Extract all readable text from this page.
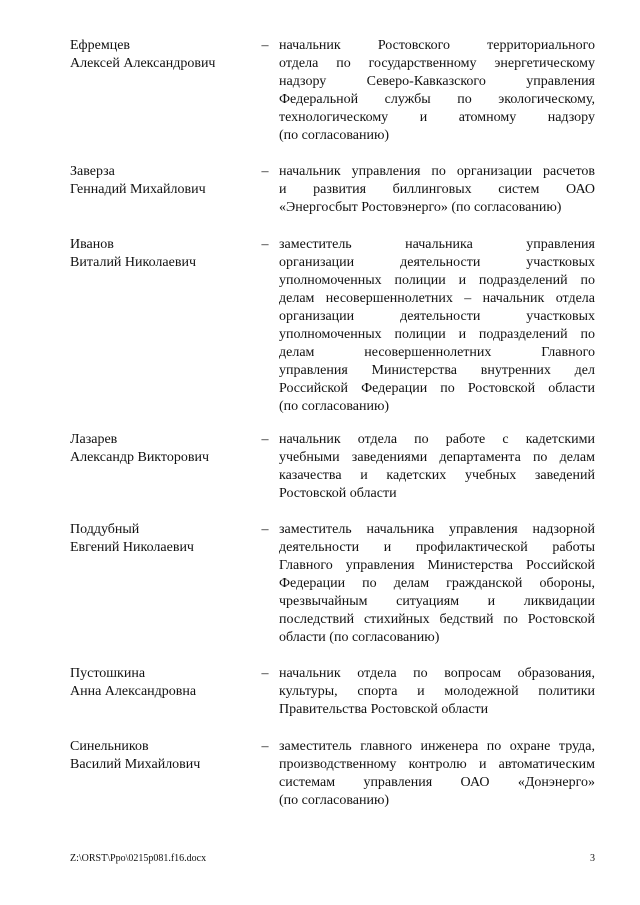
Ефремцев
Алексей Александрович
– начальник Ростовского территориального
отдела по государственному энергетическому
надзору Северо-Кавказского управления
Федеральной службы по экологическому,
технологическому и атомному надзору
(по согласованию)
Заверза
Геннадий Михайлович
– начальник управления по организации расчетов
и развития биллинговых систем ОАО
«Энергосбыт Ростовэнерго» (по согласованию)
Иванов
Виталий Николаевич
– заместитель начальника управления
организации деятельности участковых
уполномоченных полиции и подразделений по
делам несовершеннолетних – начальник отдела
организации деятельности участковых
уполномоченных полиции и подразделений по
делам несовершеннолетних Главного
управления Министерства внутренних дел
Российской Федерации по Ростовской области
(по согласованию)
Лазарев
Александр Викторович
– начальник отдела по работе с кадетскими
учебными заведениями департамента по делам
казачества и кадетских учебных заведений
Ростовской области
Поддубный
Евгений Николаевич
– заместитель начальника управления надзорной
деятельности и профилактической работы
Главного управления Министерства Российской
Федерации по делам гражданской обороны,
чрезвычайным ситуациям и ликвидации
последствий стихийных бедствий по Ростовской
области (по согласованию)
Пустошкина
Анна Александровна
– начальник отдела по вопросам образования,
культуры, спорта и молодежной политики
Правительства Ростовской области
Синельников
Василий Михайлович
– заместитель главного инженера по охране труда,
производственному контролю и автоматическим
системам управления ОАО «Донэнерго»
(по согласованию)
Z:\ORST\Ppo\0215p081.f16.docx	3
